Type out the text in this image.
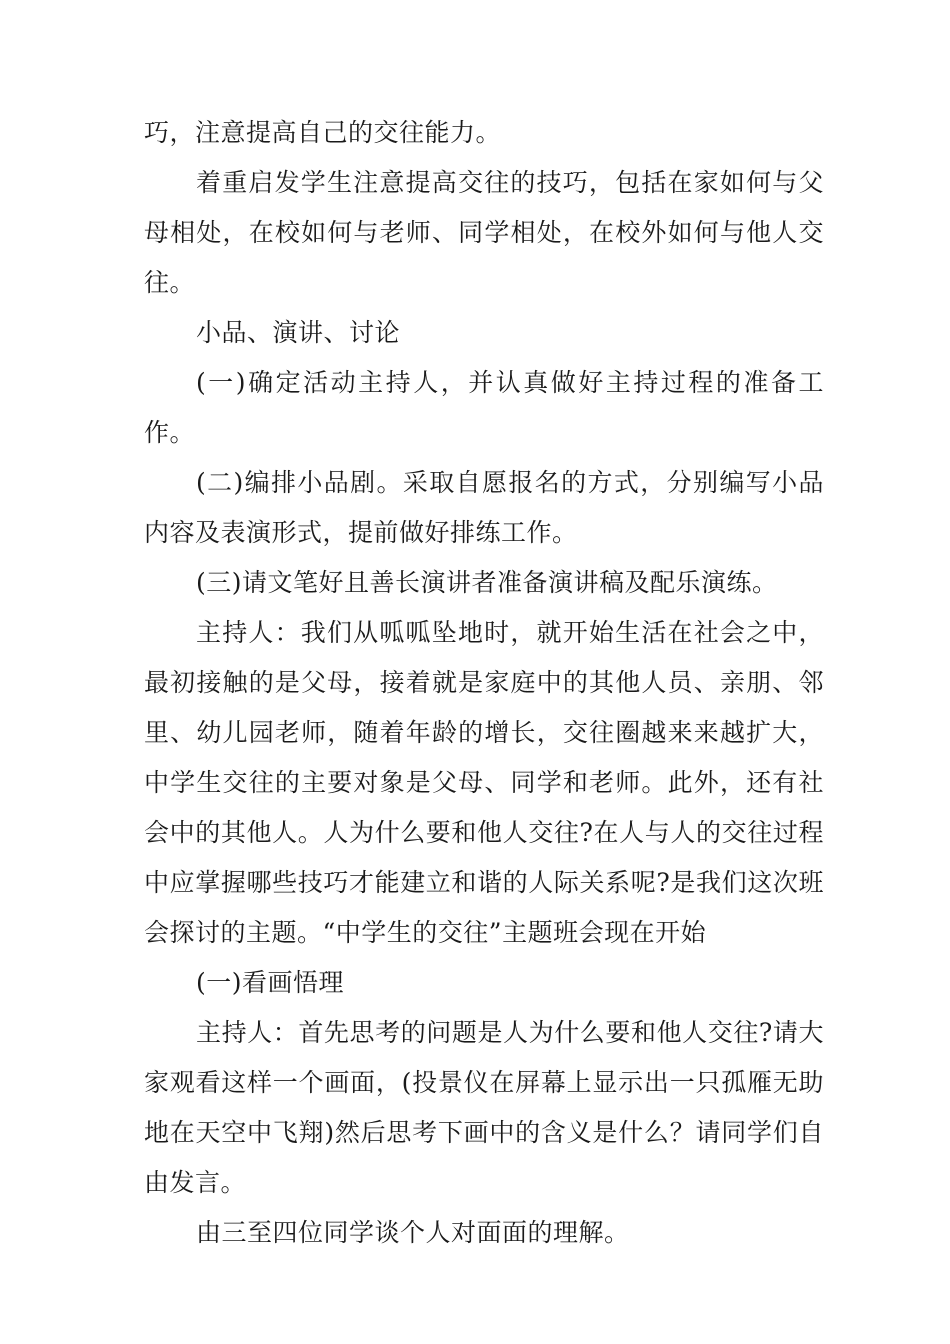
巧，注意提高自己的交往能力。

着重启发学生注意提高交往的技巧，包括在家如何与父母相处，在校如何与老师、同学相处，在校外如何与他人交往。

小品、演讲、讨论

(一)确定活动主持人，并认真做好主持过程的准备工作。

(二)编排小品剧。采取自愿报名的方式，分别编写小品内容及表演形式，提前做好排练工作。

(三)请文笔好且善长演讲者准备演讲稿及配乐演练。

主持人：我们从呱呱坠地时，就开始生活在社会之中，最初接触的是父母，接着就是家庭中的其他人员、亲朋、邻里、幼儿园老师，随着年龄的增长，交往圈越来来越扩大，中学生交往的主要对象是父母、同学和老师。此外，还有社会中的其他人。人为什么要和他人交往?在人与人的交往过程中应掌握哪些技巧才能建立和谐的人际关系呢?是我们这次班会探讨的主题。“中学生的交往”主题班会现在开始

(一)看画悟理

主持人：首先思考的问题是人为什么要和他人交往?请大家观看这样一个画面，(投景仪在屏幕上显示出一只孤雁无助地在天空中飞翔)然后思考下画中的含义是什么？请同学们自由发言。

由三至四位同学谈个人对面面的理解。
